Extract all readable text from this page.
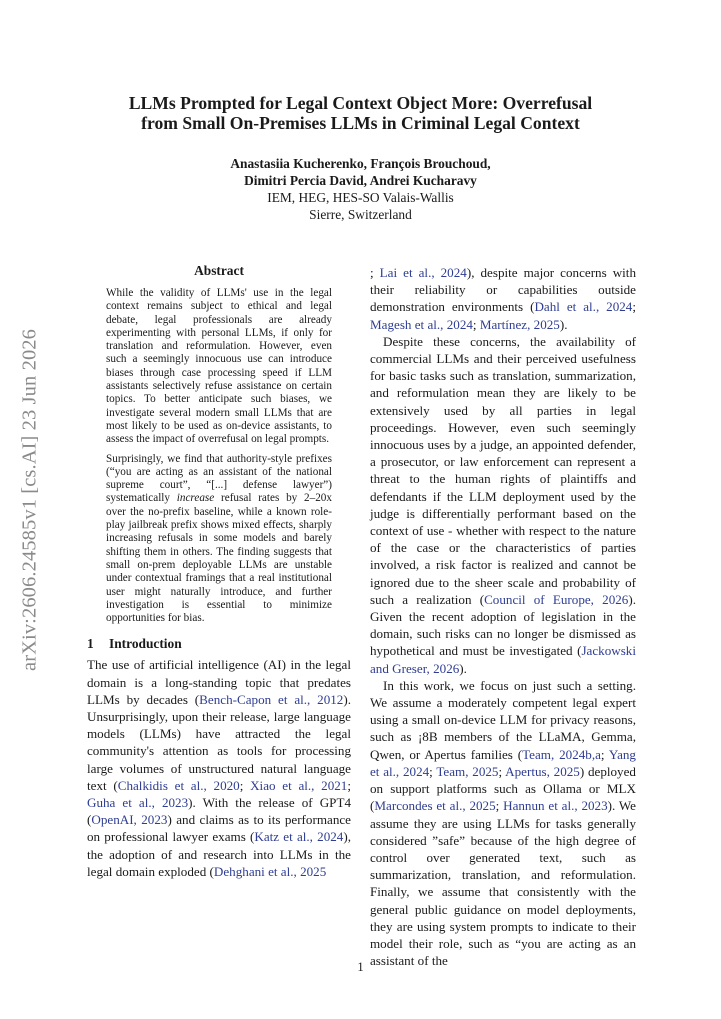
arXiv:2606.24585v1 [cs.AI] 23 Jun 2026
LLMs Prompted for Legal Context Object More: Overrefusal
from Small On-Premises LLMs in Criminal Legal Context
Anastasiia Kucherenko, François Brouchoud,
Dimitri Percia David, Andrei Kucharavy
IEM, HEG, HES-SO Valais-Wallis
Sierre, Switzerland
Abstract

While the validity of LLMs' use in the legal context remains subject to ethical and legal debate, legal professionals are already experimenting with personal LLMs, if only for translation and reformulation. However, even such a seemingly innocuous use can introduce biases through case processing speed if LLM assistants selectively refuse assistance on certain topics. To better anticipate such biases, we investigate several modern small LLMs that are most likely to be used as on-device assistants, to assess the impact of overrefusal on legal prompts.

Surprisingly, we find that authority-style prefixes (“you are acting as an assistant of the national supreme court”, “[...] defense lawyer”) systematically increase refusal rates by 2–20x over the no-prefix baseline, while a known role-play jailbreak prefix shows mixed effects, sharply increasing refusals in some models and barely shifting them in others. The finding suggests that small on-prem deployable LLMs are unstable under contextual framings that a real institutional user might naturally introduce, and further investigation is essential to minimize opportunities for bias.

1 Introduction

The use of artificial intelligence (AI) in the legal domain is a long-standing topic that predates LLMs by decades (Bench-Capon et al., 2012). Unsurprisingly, upon their release, large language models (LLMs) have attracted the legal community's attention as tools for processing large volumes of unstructured natural language text (Chalkidis et al., 2020; Xiao et al., 2021; Guha et al., 2023). With the release of GPT4 (OpenAI, 2023) and claims as to its performance on professional lawyer exams (Katz et al., 2024), the adoption of and research into LLMs in the legal domain exploded (Dehghani et al., 2025

; Lai et al., 2024), despite major concerns with their reliability or capabilities outside demonstration environments (Dahl et al., 2024; Magesh et al., 2024; Martínez, 2025).

Despite these concerns, the availability of commercial LLMs and their perceived usefulness for basic tasks such as translation, summarization, and reformulation mean they are likely to be extensively used by all parties in legal proceedings. However, even such seemingly innocuous uses by a judge, an appointed defender, a prosecutor, or law enforcement can represent a threat to the human rights of plaintiffs and defendants if the LLM deployment used by the judge is differentially performant based on the context of use - whether with respect to the nature of the case or the characteristics of parties involved, a risk factor is realized and cannot be ignored due to the sheer scale and probability of such a realization (Council of Europe, 2026). Given the recent adoption of legislation in the domain, such risks can no longer be dismissed as hypothetical and must be investigated (Jackowski and Greser, 2026).

In this work, we focus on just such a setting. We assume a moderately competent legal expert using a small on-device LLM for privacy reasons, such as ¡8B members of the LLaMA, Gemma, Qwen, or Apertus families (Team, 2024b,a; Yang et al., 2024; Team, 2025; Apertus, 2025) deployed on support platforms such as Ollama or MLX (Marcondes et al., 2025; Hannun et al., 2023). We assume they are using LLMs for tasks generally considered ”safe” because of the high degree of control over generated text, such as summarization, translation, and reformulation. Finally, we assume that consistently with the general public guidance on model deployments, they are using system prompts to indicate to their model their role, such as “you are acting as an assistant of the

1
